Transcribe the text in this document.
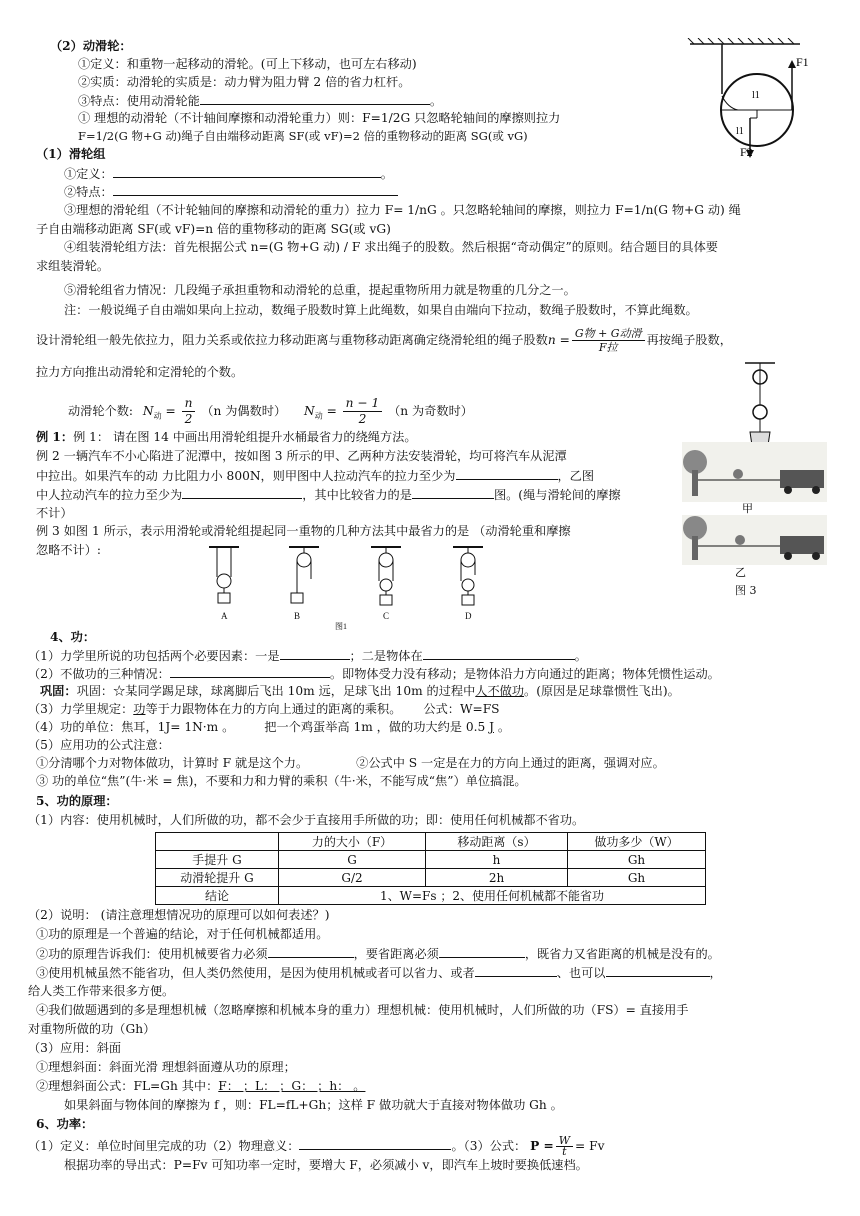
（2）动滑轮：
①定义：和重物一起移动的滑轮。(可上下移动，也可左右移动)
②实质：动滑轮的实质是：动力臂为阻力臂 2 倍的省力杠杆。
③特点：使用动滑轮能	。
① 理想的动滑轮（不计轴间摩擦和动滑轮重力）则：F=1/2G 只忽略轮轴间的摩擦则拉力
F=1/2(G 物+G 动)绳子自由端移动距离 SF(或 vF)=2 倍的重物移动的距离 SG(或 vG)
F1
F2
l1
l1
（1）滑轮组
①定义：	。
②特点：
③理想的滑轮组（不计轮轴间的摩擦和动滑轮的重力）拉力 F= 1/nG 。只忽略轮轴间的摩擦，则拉力 F=1/n(G 物+G 动) 绳
子自由端移动距离 SF(或 vF)=n 倍的重物移动的距离 SG(或 vG)
④组装滑轮组方法：首先根据公式 n=(G 物+G 动) / F 求出绳子的股数。然后根据“奇动偶定”的原则。结合题目的具体要
求组装滑轮。
⑤滑轮组省力情况：几段绳子承担重物和动滑轮的总重，提起重物所用力就是物重的几分之一。
注：一般说绳子自由端如果向上拉动，数绳子股数时算上此绳数，如果自由端向下拉动，数绳子股数时，不算此绳数。
设计滑轮组一般先依拉力，阻力关系或依拉力移动距离与重物移动距离确定绕滑轮组的绳子股数$n = \frac{\text{G物 + G动滑}}{\text{F拉}}$ 再按绳子股数，
拉力方向推出动滑轮和定滑轮的个数。
动滑轮个数: $N_动 = \frac{n}{2} (n$ 为偶数时） $N_动 = \frac{n - 1}{2} (n$ 为奇数时）
例 1：例 1： 请在图 14 中画出用滑轮组提升水桶最省力的绕绳方法。
例 2 一辆汽车不小心陷进了泥潭中，按如图 3 所示的甲、乙两种方法安装滑轮，均可将汽车从泥潭
中拉出。如果汽车的动 力比阻力小 800N，则甲图中人拉动汽车的拉力至少为	，乙图
中人拉动汽车的拉力至少为	，其中比较省力的是	图。(绳与滑轮间的摩擦
不计）
例 3 如图 1 所示，表示用滑轮或滑轮组提起同一重物的几种方法其中最省力的是 （动滑轮重和摩擦
忽略不计）:
A	B	C	D
图1
甲
乙
图 3
4、功：
（1）力学里所说的功包括两个必要因素：一是	；二是物体在	。
（2）不做功的三种情况：	。即物体受力没有移动；是物体沿力方向通过的距离；物体凭惯性运动。
巩固：巩固：☆某同学踢足球，球离脚后飞出 10m 远，足球飞出 10m 的过程中人不做功。(原因是足球靠惯性飞出)。
（3）力学里规定：功等于力跟物体在力的方向上通过的距离的乘积。 公式：W=FS
（4）功的单位：焦耳，1J= 1N·m 。 把一个鸡蛋举高 1m ，做的功大约是 0.5 J 。
（5）应用功的公式注意：
①分清哪个力对物体做功，计算时 F 就是这个力。	②公式中 S 一定是在力的方向上通过的距离，强调对应。
③ 功的单位“焦”(牛·米 = 焦)，不要和力和力臂的乘积（牛·米，不能写成“焦”）单位搞混。
5、功的原理：
（1）内容：使用机械时，人们所做的功，都不会少于直接用手所做的功；即：使用任何机械都不省功。
	力的大小（F）	移动距离（s）	做功多少（W）
手提升 G	G	h	Gh
动滑轮提升 G	G/2	2h	Gh
结论	1、W=Fs ；2、使用任何机械都不能省功		
（2）说明： (请注意理想情况功的原理可以如何表述？)
①功的原理是一个普遍的结论，对于任何机械都适用。
②功的原理告诉我们：使用机械要省力必须	，要省距离必须	，既省力又省距离的机械是没有的。
③使用机械虽然不能省功，但人类仍然使用，是因为使用机械或者可以省力、或者	、也可以	，
给人类工作带来很多方便。
④我们做题遇到的多是理想机械（忽略摩擦和机械本身的重力）理想机械：使用机械时，人们所做的功（FS）= 直接用手
对重物所做的功（Gh）
（3）应用：斜面
①理想斜面：斜面光滑 理想斜面遵从功的原理；
②理想斜面公式：FL=Gh 其中：F： ；L： ；G： ；h： 。
如果斜面与物体间的摩擦为 f ，则：FL=fL+Gh；这样 F 做功就大于直接对物体做功 Gh 。
6、功率：
（1）定义：单位时间里完成的功（2）物理意义：	。（3）公式： $P = \frac{W}{t} = Fv$
根据功率的导出式：P=Fv 可知功率一定时，要增大 F，必须减小 v，即汽车上坡时要换低速档。
